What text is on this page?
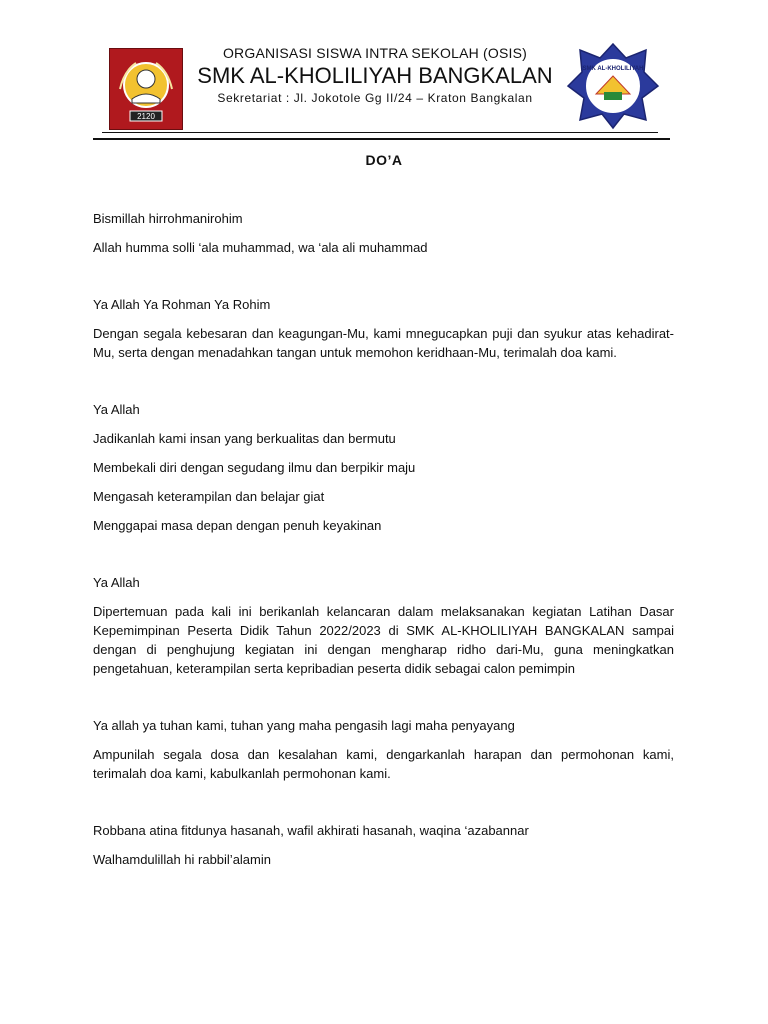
2120
ORGANISASI SISWA INTRA SEKOLAH (OSIS)
SMK AL-KHOLILIYAH BANGKALAN
Sekretariat : Jl. Jokotole Gg II/24 – Kraton Bangkalan
SMK AL-KHOLILIYAH
DO’A

Bismillah hirrohmanirohim

Allah humma solli ‘ala muhammad, wa ‘ala ali muhammad

Ya Allah Ya Rohman Ya Rohim

Dengan segala kebesaran dan keagungan-Mu, kami mnegucapkan puji dan syukur atas kehadirat-Mu, serta dengan menadahkan tangan untuk memohon keridhaan-Mu, terimalah doa kami.

Ya Allah

Jadikanlah kami insan yang berkualitas dan bermutu

Membekali diri dengan segudang ilmu dan berpikir maju

Mengasah keterampilan dan belajar giat

Menggapai masa depan dengan penuh keyakinan

Ya Allah

Dipertemuan pada kali ini berikanlah kelancaran dalam melaksanakan kegiatan Latihan Dasar Kepemimpinan Peserta Didik Tahun 2022/2023 di SMK AL-KHOLILIYAH BANGKALAN sampai dengan di penghujung kegiatan ini dengan mengharap ridho dari-Mu, guna meningkatkan pengetahuan, keterampilan serta kepribadian peserta didik sebagai calon pemimpin

Ya allah ya tuhan kami, tuhan yang maha pengasih lagi maha penyayang

Ampunilah segala dosa dan kesalahan kami, dengarkanlah harapan dan permohonan kami, terimalah doa kami, kabulkanlah permohonan kami.

Robbana atina fitdunya hasanah, wafil akhirati hasanah, waqina ‘azabannar

Walhamdulillah hi rabbil’alamin
